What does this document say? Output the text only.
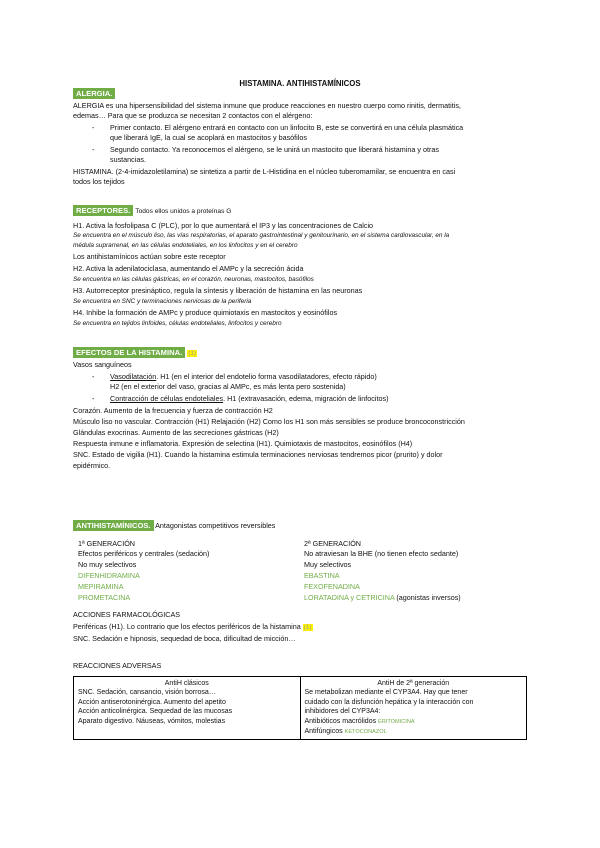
HISTAMINA. ANTIHISTAMÍNICOS
ALERGIA.
ALERGIA es una hipersensibilidad del sistema inmune que produce reacciones en nuestro cuerpo como rinitis, dermatitis,
edemas… Para que se produzca se necesitan 2 contactos con el alérgeno:
- Primer contacto. El alérgeno entrará en contacto con un linfocito B, este se convertirá en una célula plasmática
que liberará IgE, la cual se acoplará en mastocitos y basófilos
- Segundo contacto. Ya reconocemos el alérgeno, se le unirá un mastocito que liberará histamina y otras
sustancias.
HISTAMINA. (2-4-imidazoletilamina) se sintetiza a partir de L-Histidina en el núcleo tuberomamilar, se encuentra en casi
todos los tejidos
RECEPTORES. Todos ellos unidos a proteínas G
H1. Activa la fosfolipasa C (PLC), por lo que aumentará el IP3 y las concentraciones de Calcio
Se encuentra en el músculo liso, las vías respiratorias, el aparato gastrointestinal y genitourinario, en el sistema cardiovascular, en la
médula suprarrenal, en las células endoteliales, en los linfocitos y en el cerebro
Los antihistamínicos actúan sobre este receptor
H2. Activa la adenilatociclasa, aumentando el AMPc y la secreción ácida
Se encuentra en las células gástricas, en el corazón, neuronas, mastocitos, basófilos
H3. Autorreceptor presináptico, regula la síntesis y liberación de histamina en las neuronas
Se encuentra en SNC y terminaciones nerviosas de la periferia
H4. Inhibe la formación de AMPc y produce quimiotaxis en mastocitos y eosinófilos
Se encuentra en tejidos linfoides, células endoteliales, linfocitos y cerebro
EFECTOS DE LA HISTAMINA. (1)
Vasos sanguíneos
- Vasodilatación. H1 (en el interior del endotelio forma vasodilatadores, efecto rápido)
H2 (en el exterior del vaso, gracias al AMPc, es más lenta pero sostenida)
- Contracción de células endoteliales. H1 (extravasación, edema, migración de linfocitos)
Corazón. Aumento de la frecuencia y fuerza de contracción H2
Músculo liso no vascular. Contracción (H1) Relajación (H2) Como los H1 son más sensibles se produce broncoconstricción
Glándulas exocrinas. Aumento de las secreciones gástricas (H2)
Respuesta inmune e inflamatoria. Expresión de selectina (H1). Quimiotaxis de mastocitos, eosinófilos (H4)
SNC. Estado de vigilia (H1). Cuando la histamina estimula terminaciones nerviosas tendremos picor (prurito) y dolor
epidérmico.
ANTIHISTAMÍNICOS. Antagonistas competitivos reversibles
1ª GENERACIÓN
Efectos periféricos y centrales (sedación)
No muy selectivos
DIFENHIDRAMINA
MEPIRAMINA
PROMETACINA
2ª GENERACIÓN
No atraviesan la BHE (no tienen efecto sedante)
Muy selectivos
EBASTINA
FEXOFENADINA
LORATADINA y CETRICINA (agonistas inversos)
ACCIONES FARMACOLÓGICAS
Periféricas (H1). Lo contrario que los efectos periféricos de la histamina (1)
SNC. Sedación e hipnosis, sequedad de boca, dificultad de micción…
REACCIONES ADVERSAS
AntiH clásicos
SNC. Sedación, cansancio, visión borrosa…
Acción antiserotoninérgica. Aumento del apetito
Acción anticolinérgica. Sequedad de las mucosas
Aparato digestivo. Náuseas, vómitos, molestias

AntiH de 2ª generación
Se metabolizan mediante el CYP3A4. Hay que tener
cuidado con la disfunción hepática y la interacción con
inhibidores del CYP3A4:
Antibióticos macrólidos ERITOMICINA
Antifúngicos KETOCONAZOL
